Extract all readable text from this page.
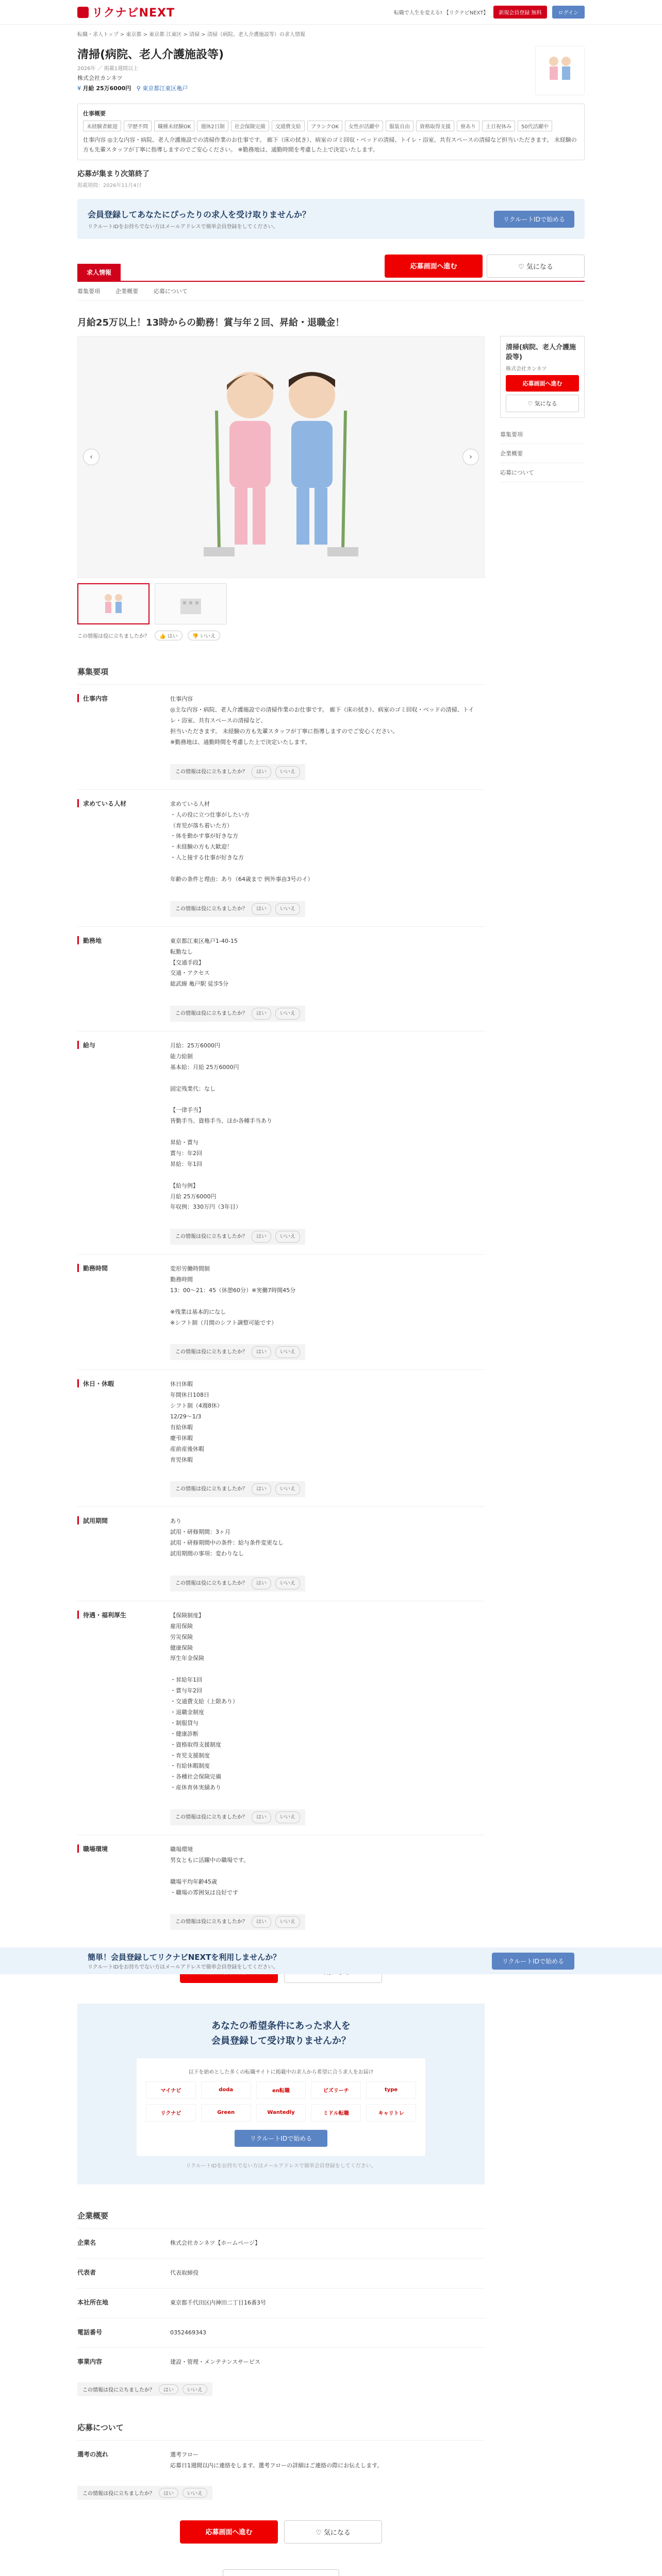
リクナビNEXT	転職で人生を変える! 【リクナビNEXT】	新規会員登録 無料	ログイン
転職・求人トップ > 東京都 > 東京都 江東区 > 清掃 > 清掃（病院、老人介護施設等）の求人情報
清掃(病院、老人介護施設等)
2026年 ／ 掲載1週間以上
株式会社カンネツ
¥ 月給 25万6000円 ⚲ 東京都江東区亀戸
仕事概要
未経験者歓迎	学歴不問	職種未経験OK	週休2日制	社会保険完備	交通費支給	ブランクOK	女性が活躍中	服装自由	資格取得支援	寮あり	土日祝休み	50代活躍中
仕事内容 ◎主な内容・病院、老人介護施設での清掃作業のお仕事です。 廊下（床の拭き）、病室のゴミ回収・ベッドの清掃、トイレ・浴室、共有スペースの清掃など担当いただきます。 未経験の方も先輩スタッフが丁寧に指導しますのでご安心ください。 ※勤務地は、通勤時間を考慮した上で決定いたします。
応募が集まり次第終了
掲載期間：2026年11月4日
会員登録してあなたにぴったりの求人を受け取りませんか？

リクルートIDをお持ちでない方はメールアドレスで簡単会員登録をしてください。

リクルートIDで始める
求人情報
応募画面へ進む	♡ 気になる
募集要項	企業概要	応募について
月給25万以上！13時からの勤務！賞与年２回、昇給・退職金！
‹	›
この情報は役に立ちましたか？	👍 はい	👎 いいえ
募集要項
仕事内容	仕事内容
◎主な内容・病院、老人介護施設での清掃作業のお仕事です。 廊下（床の拭き）、病室のゴミ回収・ベッドの清掃、トイレ・浴室、共有スペースの清掃など、
担当いただきます。 未経験の方も先輩スタッフが丁寧に指導しますのでご安心ください。
※勤務地は、通勤時間を考慮した上で決定いたします。

この情報は役に立ちましたか？	はい	いいえ

求めている人材	求めている人材
・人の役に立つ仕事がしたい方
（育児が落ち着いた方）
・体を動かす事が好きな方
・未経験の方も大歓迎！
・人と接する仕事が好きな方

年齢の条件と理由：あり（64歳まで 例外事由3号のイ）

この情報は役に立ちましたか？	はい	いいえ

勤務地	東京都江東区亀戸1-40-15
転勤なし
【交通手段】
交通・アクセス
総武線 亀戸駅 徒歩5分

この情報は役に立ちましたか？	はい	いいえ

給与	月給：25万6000円
能力給制
基本給：月給 25万6000円

固定残業代：なし

【一律手当】
皆勤手当、資格手当、ほか各種手当あり

昇給・賞与
賞与：年2回
昇給：年1回

【給与例】
月給 25万6000円
年収例：330万円（3年目）

この情報は役に立ちましたか？	はい	いいえ

勤務時間	変形労働時間制
勤務時間
13：00～21：45（休憩60分）※実働7時間45分

※残業は基本的になし
※シフト制（月間のシフト調整可能です）

この情報は役に立ちましたか？	はい	いいえ

休日・休暇	休日休暇
年間休日108日
シフト制（4週8休）
12/29～1/3
有給休暇
慶弔休暇
産前産後休暇
育児休暇

この情報は役に立ちましたか？	はい	いいえ

試用期間	あり
試用・研修期間：3ヶ月
試用・研修期間中の条件：給与条件変更なし
試用期間の事項：変わりなし

この情報は役に立ちましたか？	はい	いいえ

待遇・福利厚生	【保険制度】
雇用保険
労災保険
健康保険
厚生年金保険

・昇給年1回
・賞与年2回
・交通費支給（上限あり）
・退職金制度
・制服貸与
・健康診断
・資格取得支援制度
・育児支援制度
・有給休暇制度
・各種社会保険完備
・産休育休実績あり

この情報は役に立ちましたか？	はい	いいえ

職場環境	職場環境
男女ともに活躍中の職場です。

職場平均年齢45歳
・職場の雰囲気は良好です

この情報は役に立ちましたか？	はい	いいえ

あなたの希望条件にあった求人を
会員登録して受け取りませんか？
以下を始めとした多くの転職サイトに掲載中の求人から希望に合う求人をお届け
マイナビ	doda	en転職	ビズリーチ	type
リクナビ	Green	Wantedly	ミドル転職	キャリトレ
リクルートIDで始める
リクルートIDをお持ちでない方はメールアドレスで簡単会員登録をしてください。
企業概要
企業名	株式会社カンネツ【ホームページ】
代表者	代表取締役
本社所在地	東京都千代田区内神田二丁目16番3号
電話番号	0352469343
事業内容	建設・管理・メンテナンスサービス
この情報は役に立ちましたか？	はい	いいえ
応募について
選考の流れ	選考フロー
応募日1週間以内に連絡をします。選考フローの詳細はご連絡の際にお伝えします。
この情報は役に立ちましたか？	はい	いいえ
応募画面へ進む	♡ 気になる
清掃(病院、老人介護施設等)
株式会社カンネツ
応募画面へ進む
♡ 気になる
募集要項
企業概要
応募について
簡単！会員登録してリクナビNEXTを利用しませんか？

リクルートIDをお持ちでない方はメールアドレスで簡単会員登録をしてください。

リクルートIDで始める
